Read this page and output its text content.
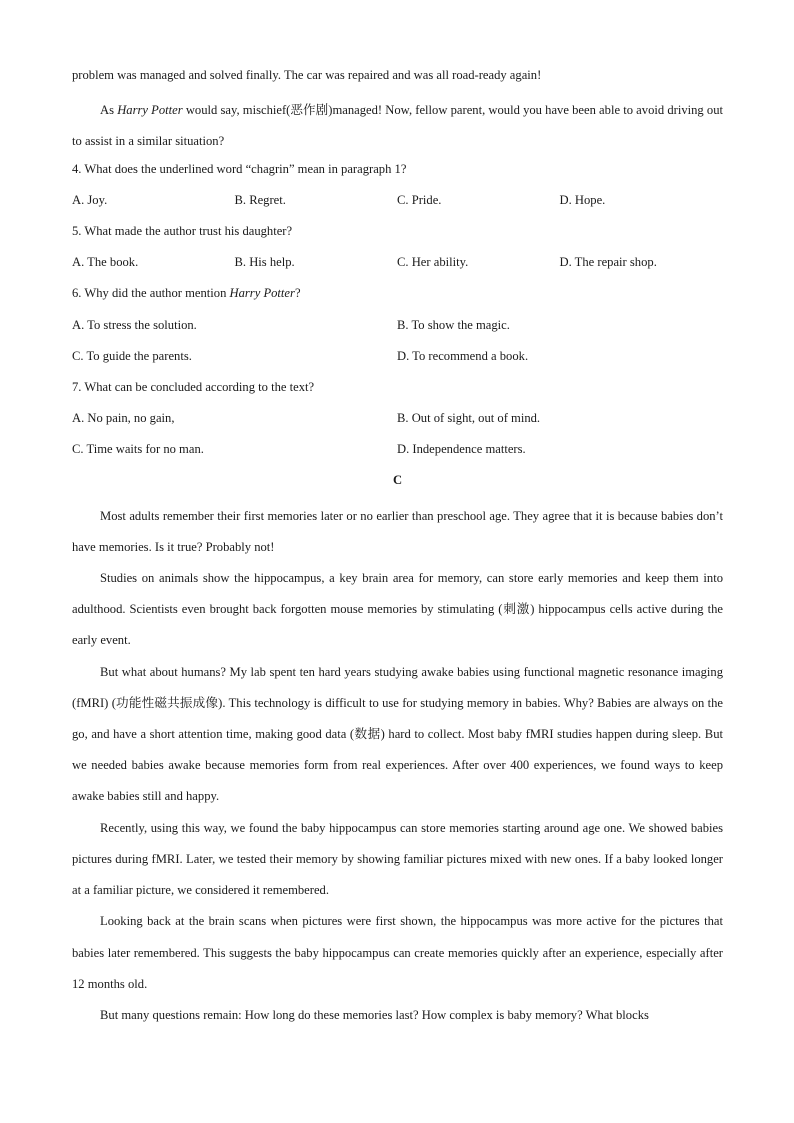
problem was managed and solved finally. The car was repaired and was all road-ready again!
As Harry Potter would say, mischief(恶作剧)managed! Now, fellow parent, would you have been able to avoid driving out to assist in a similar situation?
4. What does the underlined word “chagrin” mean in paragraph 1?
A. Joy.	B. Regret.	C. Pride.	D. Hope.
5. What made the author trust his daughter?
A. The book.	B. His help.	C. Her ability.	D. The repair shop.
6. Why did the author mention Harry Potter?
A. To stress the solution.	B. To show the magic.
C. To guide the parents.	D. To recommend a book.
7. What can be concluded according to the text?
A. No pain, no gain,	B. Out of sight, out of mind.
C. Time waits for no man.	D. Independence matters.
C
Most adults remember their first memories later or no earlier than preschool age. They agree that it is because babies don’t have memories. Is it true? Probably not!
Studies on animals show the hippocampus, a key brain area for memory, can store early memories and keep them into adulthood. Scientists even brought back forgotten mouse memories by stimulating (刺激) hippocampus cells active during the early event.
But what about humans? My lab spent ten hard years studying awake babies using functional magnetic resonance imaging (fMRI) (功能性磁共振成像). This technology is difficult to use for studying memory in babies. Why? Babies are always on the go, and have a short attention time, making good data (数据) hard to collect. Most baby fMRI studies happen during sleep. But we needed babies awake because memories form from real experiences. After over 400 experiences, we found ways to keep awake babies still and happy.
Recently, using this way, we found the baby hippocampus can store memories starting around age one. We showed babies pictures during fMRI. Later, we tested their memory by showing familiar pictures mixed with new ones. If a baby looked longer at a familiar picture, we considered it remembered.
Looking back at the brain scans when pictures were first shown, the hippocampus was more active for the pictures that babies later remembered. This suggests the baby hippocampus can create memories quickly after an experience, especially after 12 months old.
But many questions remain: How long do these memories last? How complex is baby memory? What blocks
